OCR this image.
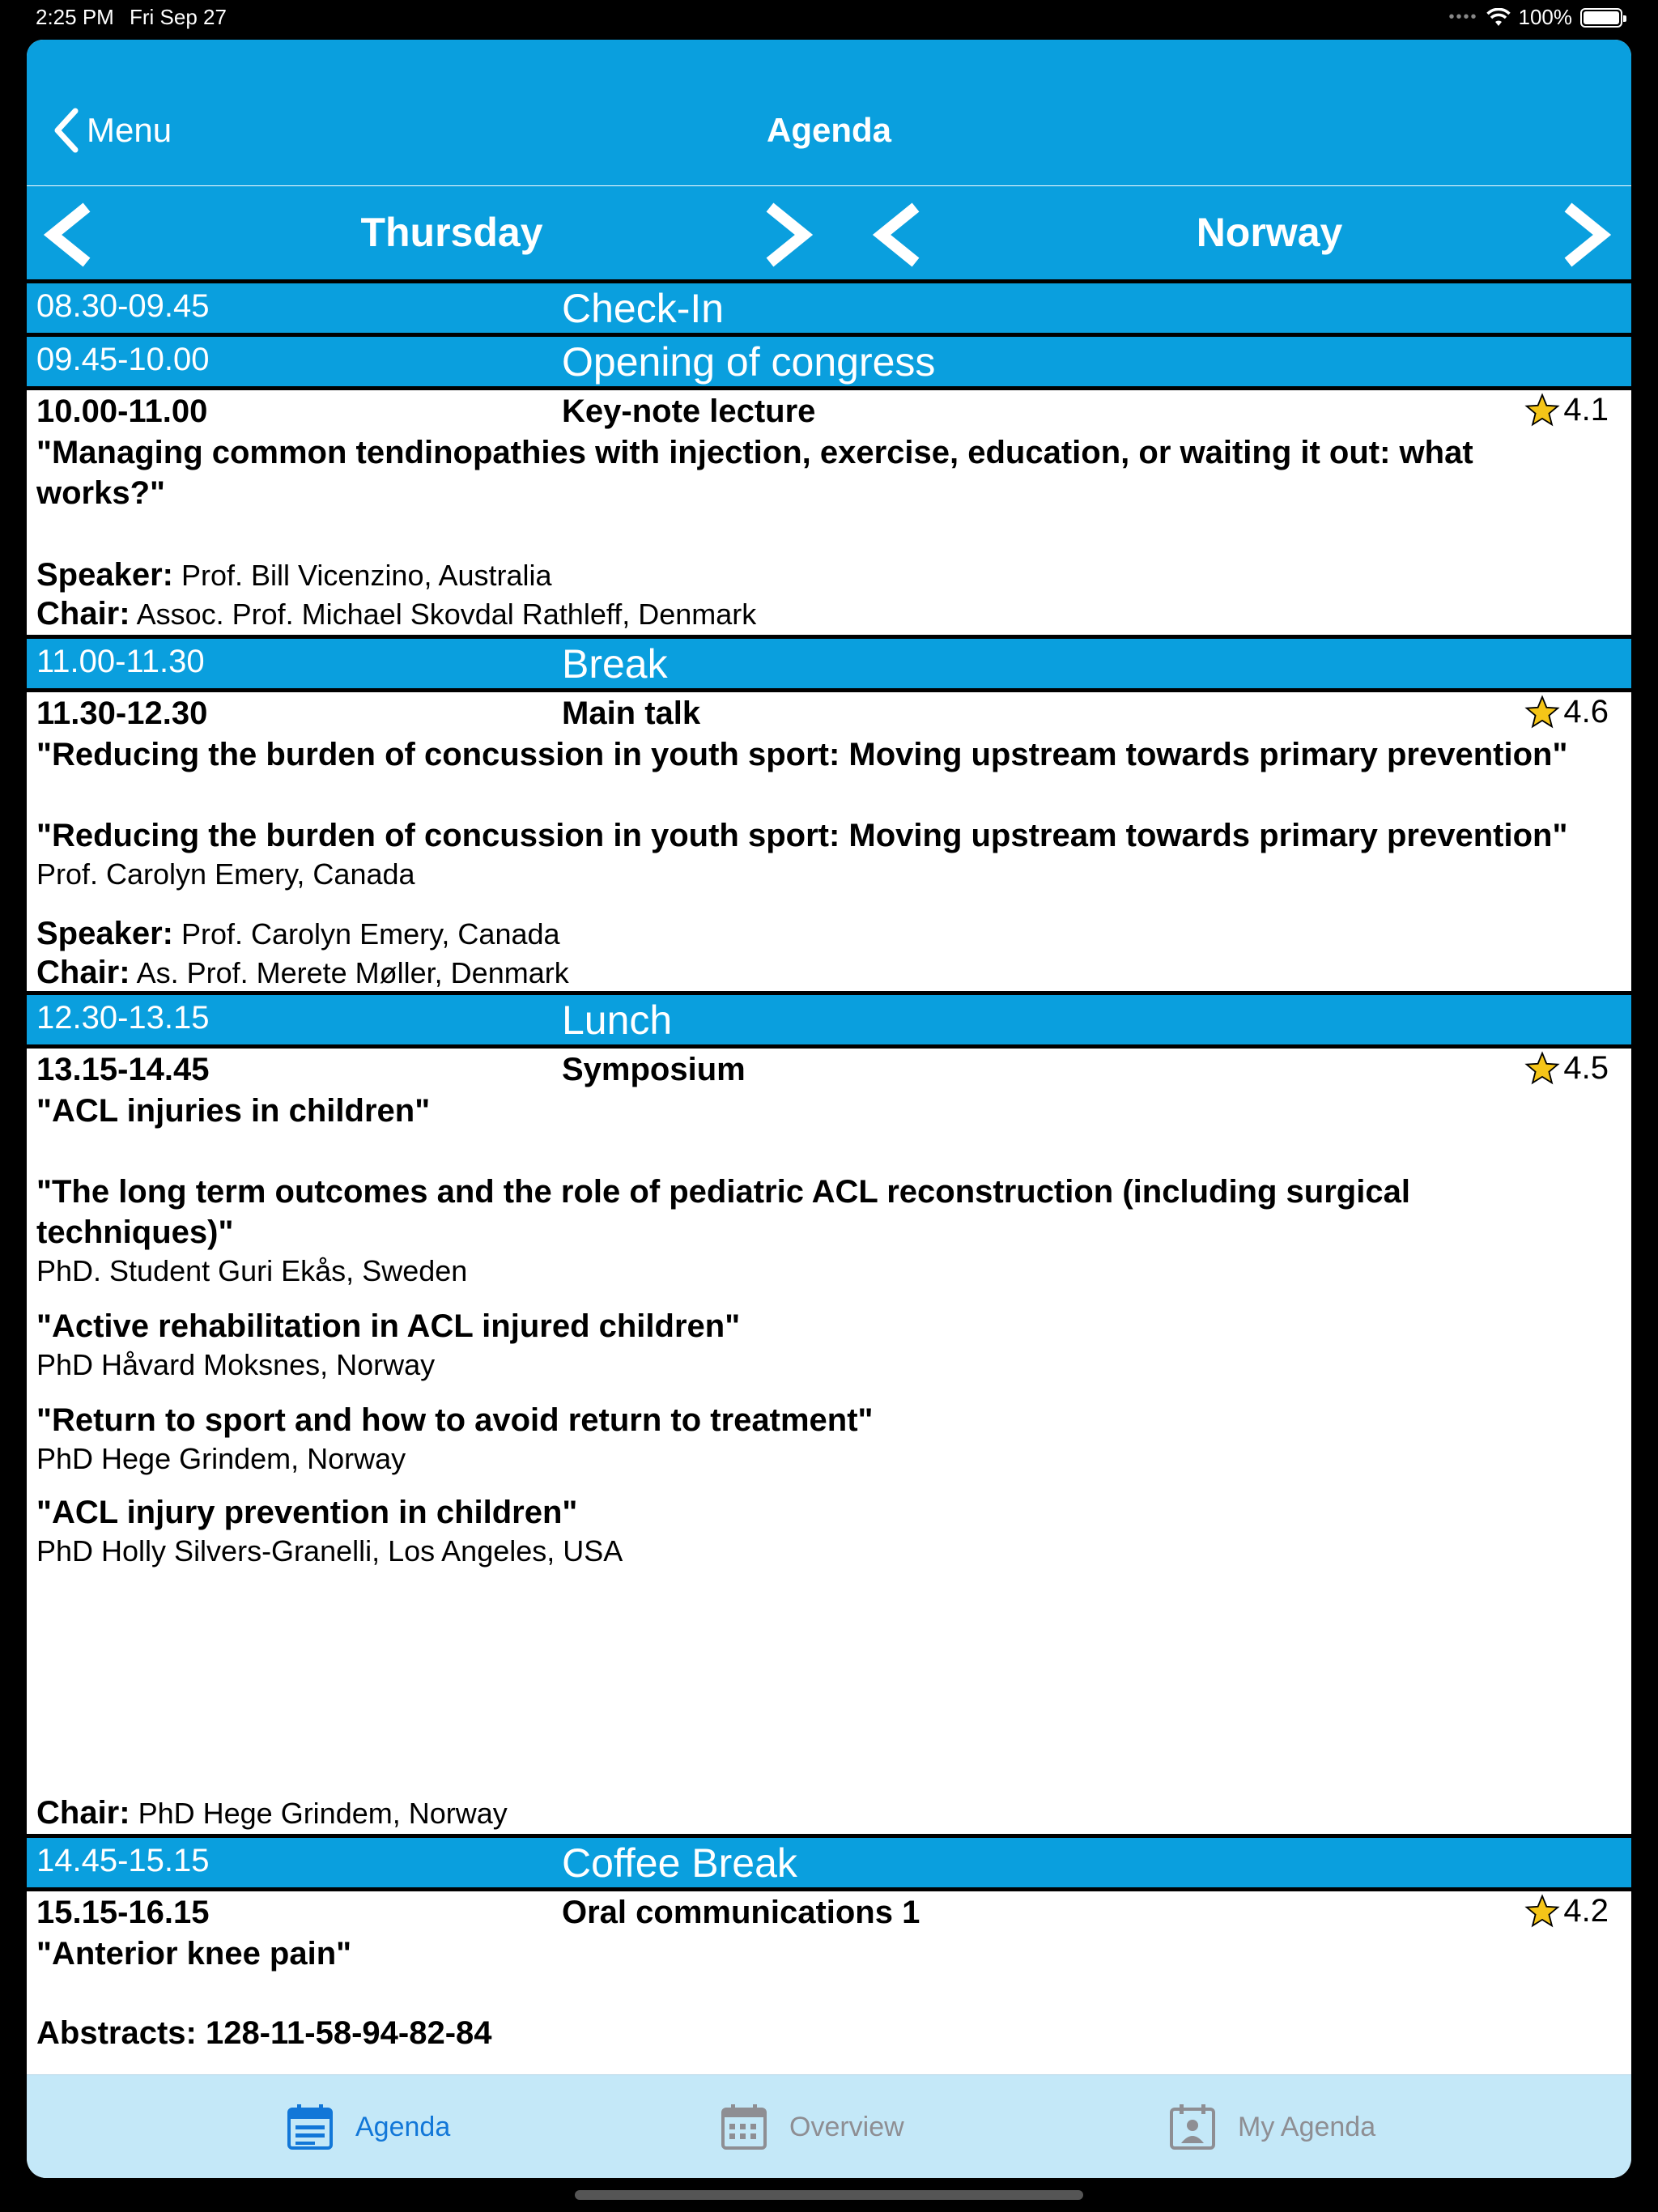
2:25 PM Fri Sep 27	•••• 100%
Menu	Agenda
Thursday	Norway
08.30-09.45	Check-In
09.45-10.00	Opening of congress
10.00-11.00	Key-note lecture	4.1
"Managing common tendinopathies with injection, exercise, education, or waiting it out: what works?"
Speaker: Prof. Bill Vicenzino, Australia
Chair: Assoc. Prof. Michael Skovdal Rathleff, Denmark
11.00-11.30	Break
11.30-12.30	Main talk	4.6
"Reducing the burden of concussion in youth sport: Moving upstream towards primary prevention"
"Reducing the burden of concussion in youth sport: Moving upstream towards primary prevention"
Prof. Carolyn Emery, Canada
Speaker: Prof. Carolyn Emery, Canada
Chair: As. Prof. Merete Møller, Denmark
12.30-13.15	Lunch
13.15-14.45	Symposium	4.5
"ACL injuries in children"
"The long term outcomes and the role of pediatric ACL reconstruction (including surgical techniques)"
PhD. Student Guri Ekås, Sweden
"Active rehabilitation in ACL injured children"
PhD Håvard Moksnes, Norway
"Return to sport and how to avoid return to treatment"
PhD Hege Grindem, Norway
"ACL injury prevention in children"
PhD Holly Silvers-Granelli, Los Angeles, USA
Chair: PhD Hege Grindem, Norway
14.45-15.15	Coffee Break
15.15-16.15	Oral communications 1	4.2
"Anterior knee pain"
Abstracts: 128-11-58-94-82-84
Agenda	Overview	My Agenda
